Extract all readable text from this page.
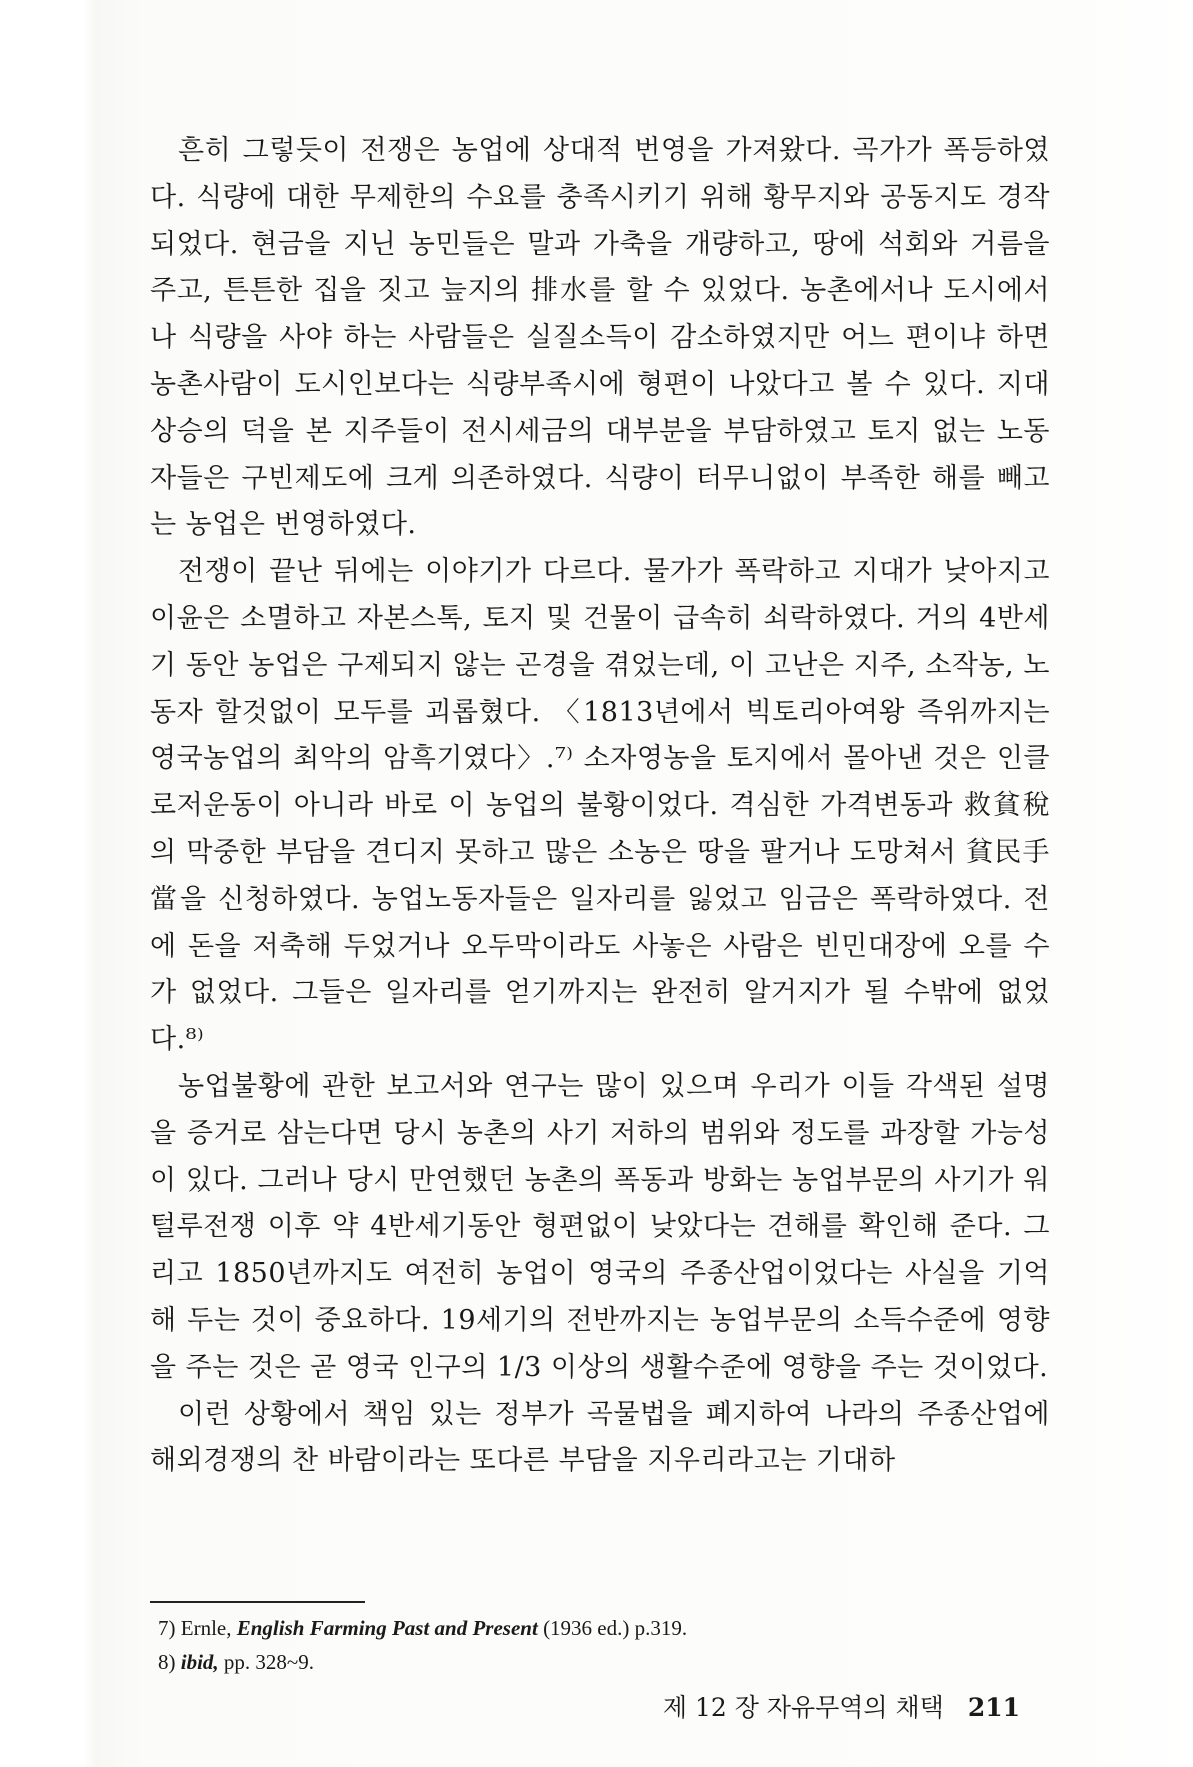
흔히 그렇듯이 전쟁은 농업에 상대적 번영을 가져왔다. 곡가가 폭등하였다. 식량에 대한 무제한의 수요를 충족시키기 위해 황무지와 공동지도 경작되었다. 현금을 지닌 농민들은 말과 가축을 개량하고, 땅에 석회와 거름을 주고, 튼튼한 집을 짓고 늪지의 排水를 할 수 있었다. 농촌에서나 도시에서나 식량을 사야 하는 사람들은 실질소득이 감소하였지만 어느 편이냐 하면 농촌사람이 도시인보다는 식량부족시에 형편이 나았다고 볼 수 있다. 지대상승의 덕을 본 지주들이 전시세금의 대부분을 부담하였고 토지 없는 노동자들은 구빈제도에 크게 의존하였다. 식량이 터무니없이 부족한 해를 빼고는 농업은 번영하였다.

전쟁이 끝난 뒤에는 이야기가 다르다. 물가가 폭락하고 지대가 낮아지고 이윤은 소멸하고 자본스톡, 토지 및 건물이 급속히 쇠락하였다. 거의 4반세기 동안 농업은 구제되지 않는 곤경을 겪었는데, 이 고난은 지주, 소작농, 노동자 할것없이 모두를 괴롭혔다. 〈1813년에서 빅토리아여왕 즉위까지는 영국농업의 최악의 암흑기였다〉.⁷⁾ 소자영농을 토지에서 몰아낸 것은 인클로저운동이 아니라 바로 이 농업의 불황이었다. 격심한 가격변동과 救貧稅의 막중한 부담을 견디지 못하고 많은 소농은 땅을 팔거나 도망쳐서 貧民手當을 신청하였다. 농업노동자들은 일자리를 잃었고 임금은 폭락하였다. 전에 돈을 저축해 두었거나 오두막이라도 사놓은 사람은 빈민대장에 오를 수가 없었다. 그들은 일자리를 얻기까지는 완전히 알거지가 될 수밖에 없었다.⁸⁾

농업불황에 관한 보고서와 연구는 많이 있으며 우리가 이들 각색된 설명을 증거로 삼는다면 당시 농촌의 사기 저하의 범위와 정도를 과장할 가능성이 있다. 그러나 당시 만연했던 농촌의 폭동과 방화는 농업부문의 사기가 워털루전쟁 이후 약 4반세기동안 형편없이 낮았다는 견해를 확인해 준다. 그리고 1850년까지도 여전히 농업이 영국의 주종산업이었다는 사실을 기억해 두는 것이 중요하다. 19세기의 전반까지는 농업부문의 소득수준에 영향을 주는 것은 곧 영국 인구의 1/3 이상의 생활수준에 영향을 주는 것이었다.

이런 상황에서 책임 있는 정부가 곡물법을 폐지하여 나라의 주종산업에 해외경쟁의 찬 바람이라는 또다른 부담을 지우리라고는 기대하

7) Ernle, English Farming Past and Present (1936 ed.) p.319.
8) ibid, pp. 328~9.
제 12 장 자유무역의 채택 211
